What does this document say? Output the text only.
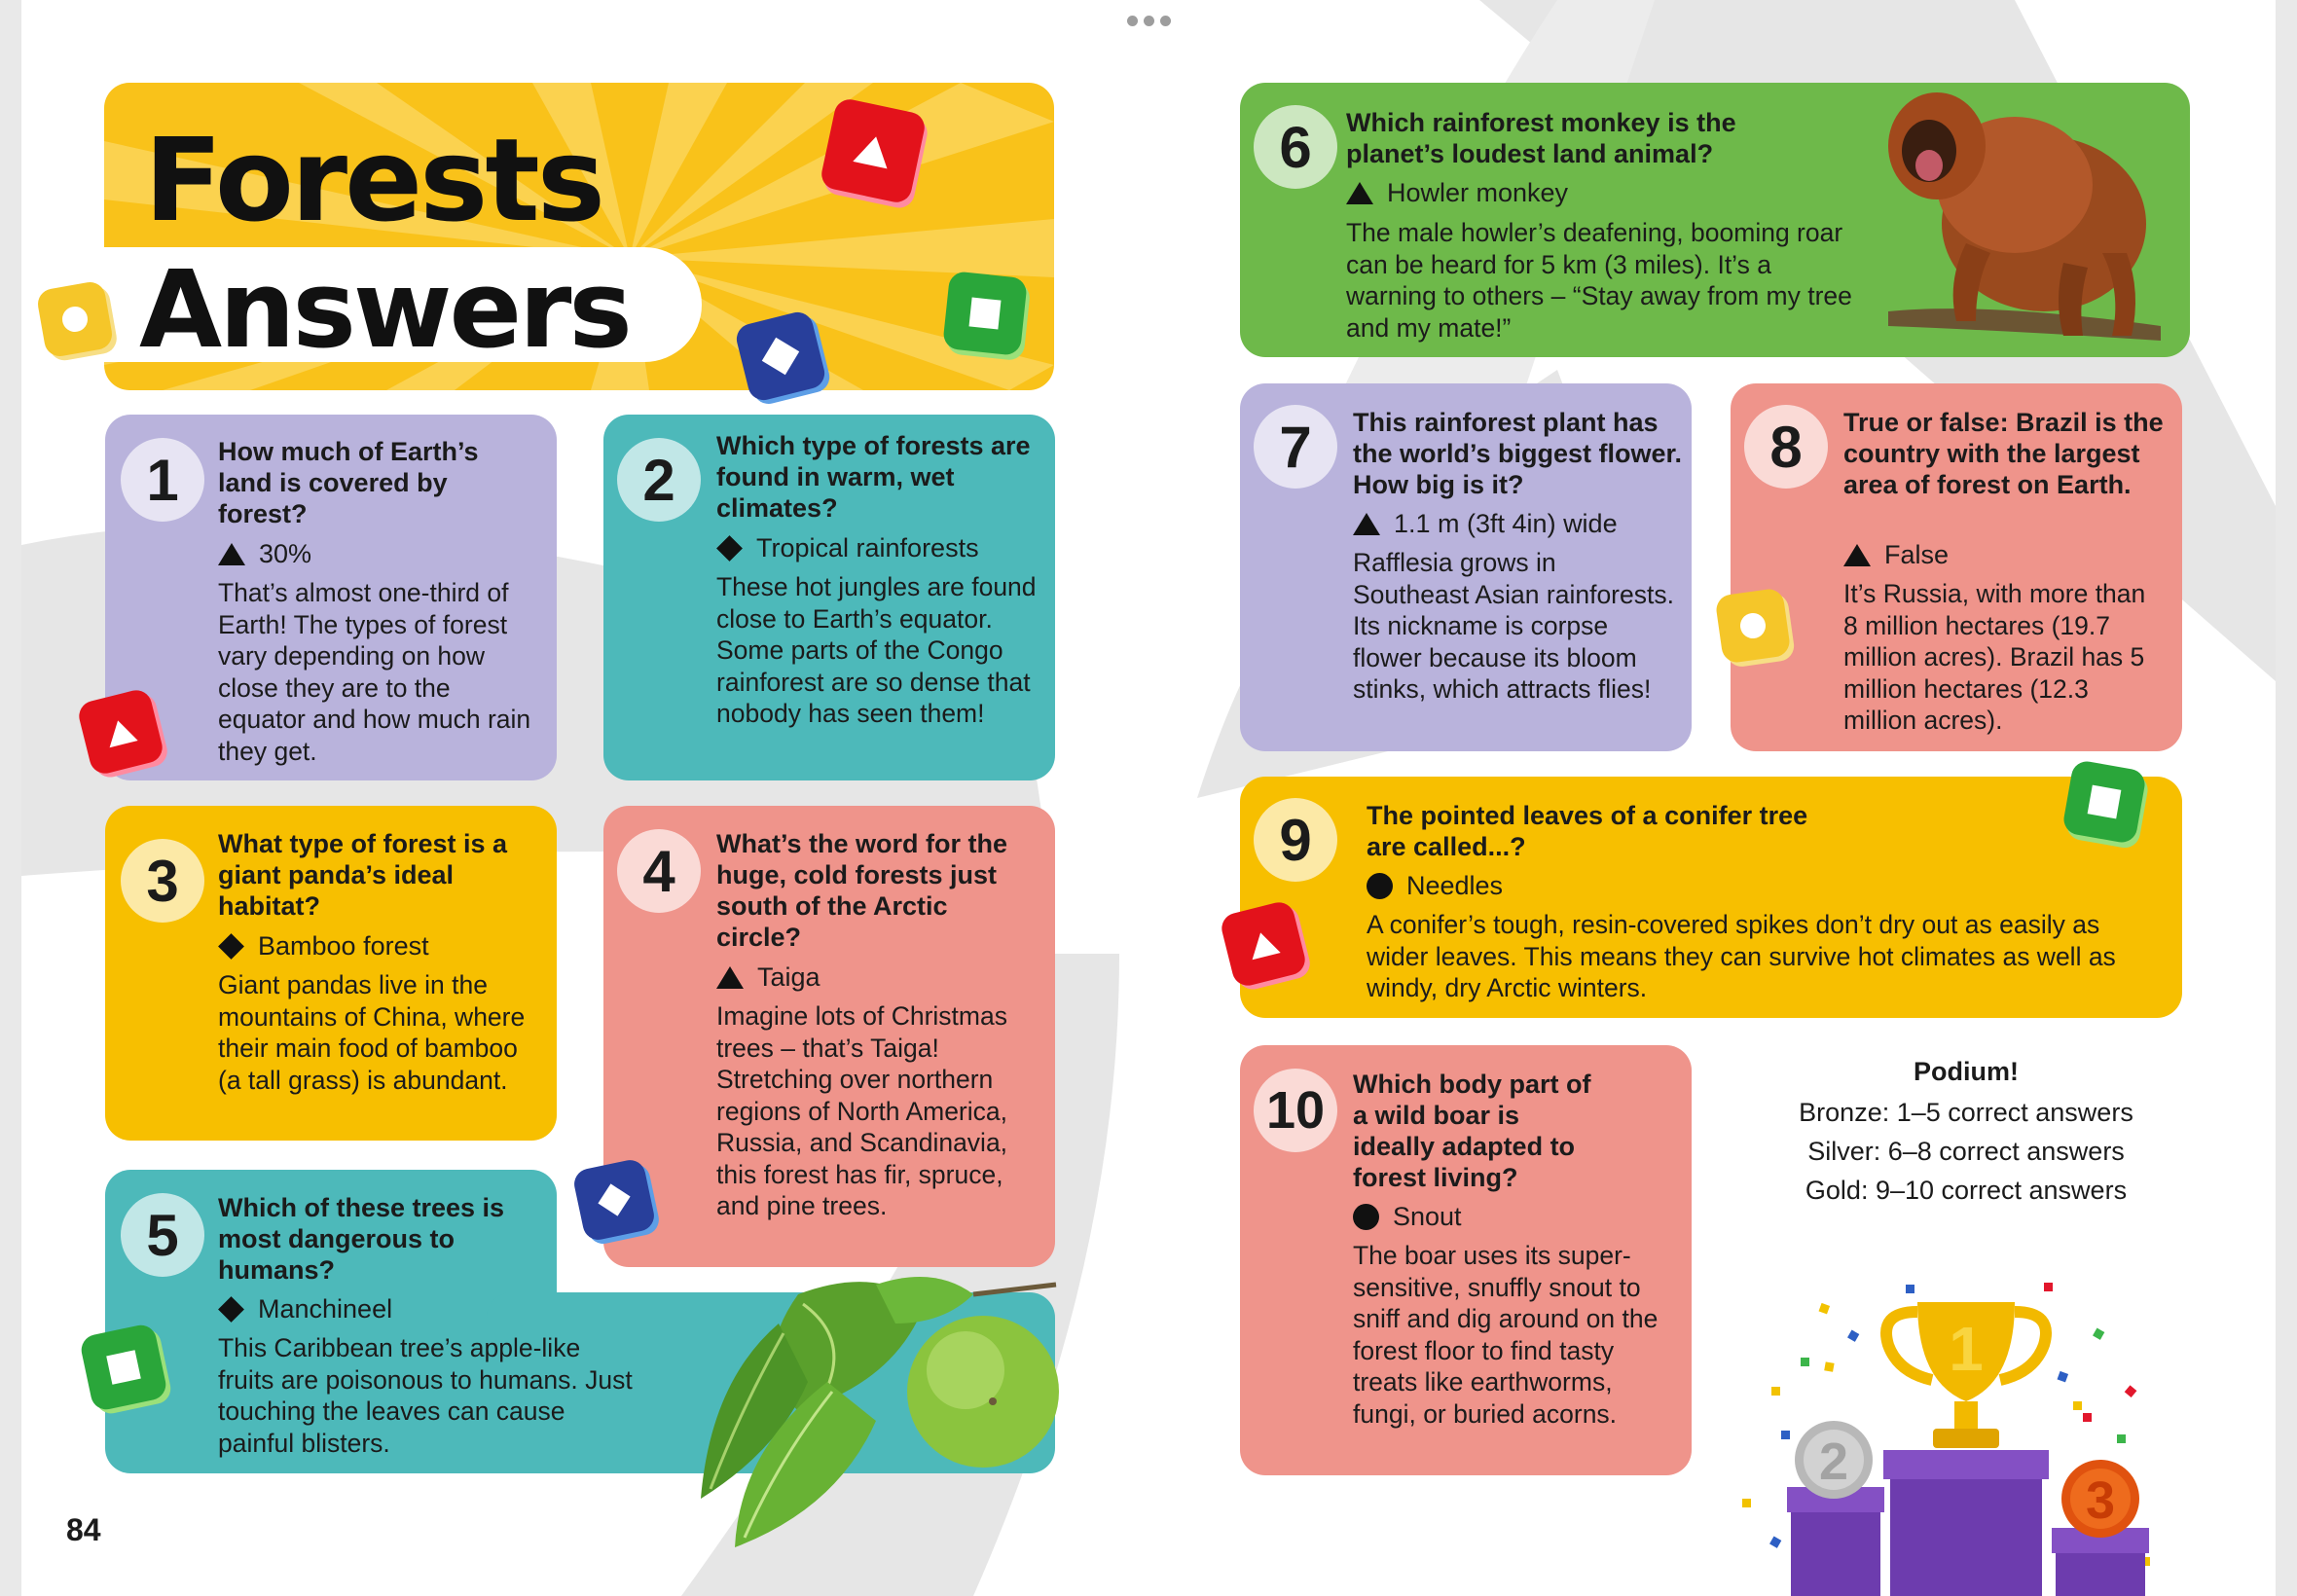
Forests
Answers
1	How much of Earth’s land is covered by forest?
30%
That’s almost one-third of Earth! The types of forest vary depending on how close they are to the equator and how much rain they get.
2
Which type of forests are found in warm, wet climates?
Tropical rainforests
These hot jungles are found close to Earth’s equator. Some parts of the Congo rainforest are so dense that nobody has seen them!
3
What type of forest is a giant panda’s ideal habitat?
Bamboo forest
Giant pandas live in the mountains of China, where their main food of bamboo (a tall grass) is abundant.
4	What’s the word for the huge, cold forests just south of the Arctic circle?
Taiga
Imagine lots of Christmas trees – that’s Taiga! Stretching over northern regions of North America, Russia, and Scandinavia, this forest has fir, spruce, and pine trees.
5	Which of these trees is most dangerous to humans?
Manchineel
This Caribbean tree’s apple-like fruits are poisonous to humans. Just touching the leaves can cause painful blisters.
6	Which rainforest monkey is the planet’s loudest land animal?
Howler monkey
The male howler’s deafening, booming roar can be heard for 5 km (3 miles). It’s a warning to others – “Stay away from my tree and my mate!”
7	This rainforest plant has the world’s biggest flower. How big is it?
1.1 m (3ft 4in) wide
Rafflesia grows in Southeast Asian rainforests. Its nickname is corpse flower because its bloom stinks, which attracts flies!
8	True or false: Brazil is the country with the largest area of forest on Earth.
False
It’s Russia, with more than 8 million hectares (19.7 million acres). Brazil has 5 million hectares (12.3 million acres).
9	The pointed leaves of a conifer tree are called...?
Needles
A conifer’s tough, resin-covered spikes don’t dry out as easily as wider leaves. This means they can survive hot climates as well as windy, dry Arctic winters.
10	Which body part of a wild boar is ideally adapted to forest living?
Snout
The boar uses its super-sensitive, snuffly snout to sniff and dig around on the forest floor to find tasty treats like earthworms, fungi, or buried acorns.
Podium!
Bronze: 1–5 correct answers
Silver: 6–8 correct answers
Gold: 9–10 correct answers
1
2
3
84
